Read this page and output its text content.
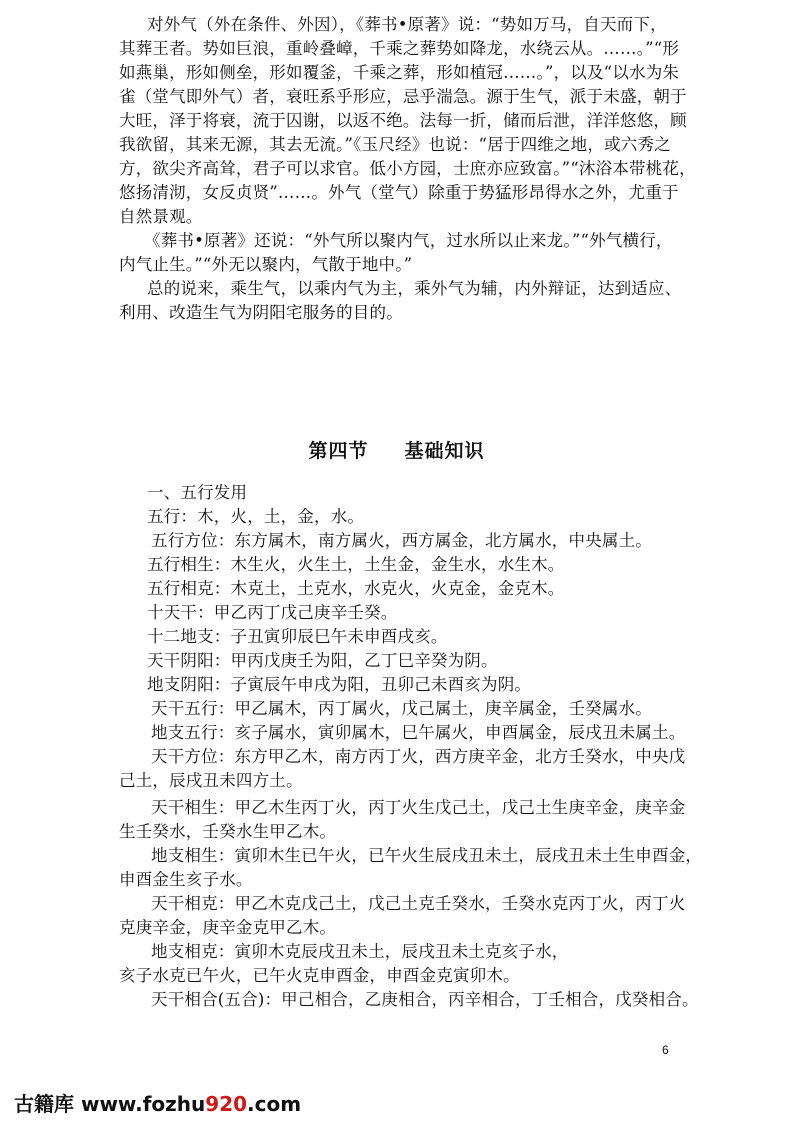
对外气（外在条件、外因），《葬书•原著》说：“势如万马，自天而下，
其葬王者。势如巨浪，重岭叠嶂，千乘之葬势如降龙，水绕云从。……。”“形
如燕巢，形如侧垒，形如覆釜，千乘之葬，形如植冠……。”，以及“以水为朱
雀（堂气即外气）者，衰旺系乎形应，忌乎湍急。源于生气，派于未盛，朝于
大旺，泽于将衰，流于囚谢，以返不绝。法每一折，储而后泄，洋洋悠悠，顾
我欲留，其来无源，其去无流。”《玉尺经》也说：“居于四维之地，或六秀之
方，欲尖齐高耸，君子可以求官。低小方园，士庶亦应致富。”“沐浴本带桃花，
悠扬清沏，女反贞贤”……。外气（堂气）除重于势猛形昂得水之外，尤重于
自然景观。
《葬书•原著》还说：“外气所以聚内气，过水所以止来龙。”“外气横行，
内气止生。”“外无以聚内，气散于地中。”
总的说来，乘生气，以乘内气为主，乘外气为辅，内外辩证，达到适应、
利用、改造生气为阴阳宅服务的目的。
第四节 基础知识
一、五行发用
五行：木，火，土，金，水。
五行方位：东方属木，南方属火，西方属金，北方属水，中央属土。
五行相生：木生火，火生土，土生金，金生水，水生木。
五行相克：木克土，土克水，水克火，火克金，金克木。
十天干：甲乙丙丁戊己庚辛壬癸。
十二地支：子丑寅卯辰巳午未申酉戌亥。
天干阴阳：甲丙戊庚壬为阳，乙丁巳辛癸为阴。
地支阴阳：子寅辰午申戌为阳，丑卯己未酉亥为阴。
天干五行：甲乙属木，丙丁属火，戊己属土，庚辛属金，壬癸属水。
地支五行：亥子属水，寅卯属木，巳午属火，申酉属金，辰戌丑未属土。
天干方位：东方甲乙木，南方丙丁火，西方庚辛金，北方壬癸水，中央戊
己土，辰戌丑未四方土。
天干相生：甲乙木生丙丁火，丙丁火生戊己土，戊己土生庚辛金，庚辛金
生壬癸水，壬癸水生甲乙木。
地支相生：寅卯木生已午火，已午火生辰戌丑未土，辰戌丑未土生申酉金，
申酉金生亥子水。
天干相克：甲乙木克戊己土，戊己土克壬癸水，壬癸水克丙丁火，丙丁火
克庚辛金，庚辛金克甲乙木。
地支相克：寅卯木克辰戌丑未土，辰戌丑未土克亥子水，
亥子水克已午火，已午火克申酉金，申酉金克寅卯木。
天干相合(五合)：甲己相合，乙庚相合，丙辛相合，丁壬相合，戊癸相合。
6
古籍库 www.fozhu920.com
